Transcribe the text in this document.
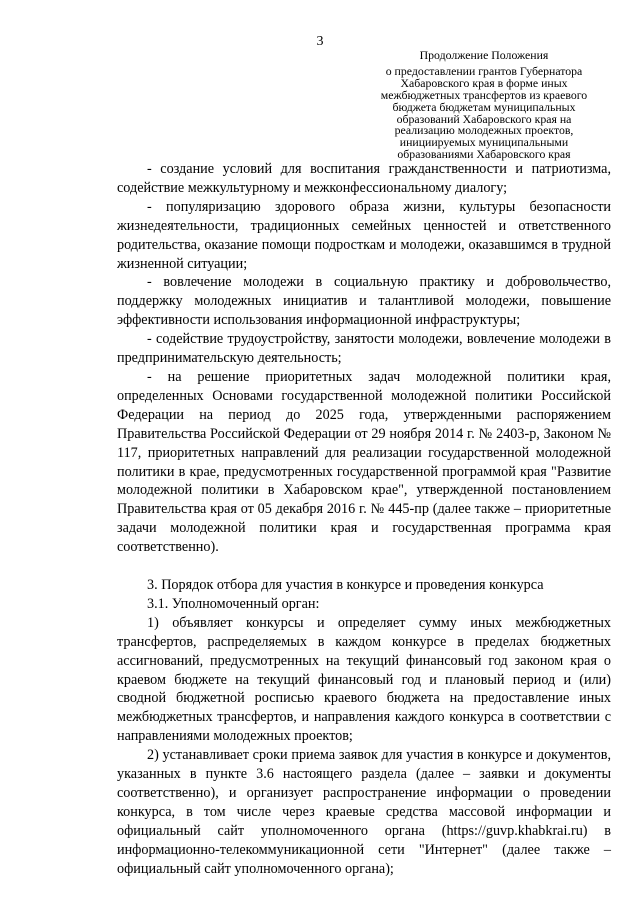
3
Продолжение Положения
о предоставлении грантов Губернатора
Хабаровского края в форме иных
межбюджетных трансфертов из краевого
бюджета бюджетам муниципальных
образований Хабаровского края на
реализацию молодежных проектов,
инициируемых муниципальными
образованиями Хабаровского края

- создание условий для воспитания гражданственности и патриотизма, содействие межкультурному и межконфессиональному диалогу;

- популяризацию здорового образа жизни, культуры безопасности жизнедеятельности, традиционных семейных ценностей и ответственного родительства, оказание помощи подросткам и молодежи, оказавшимся в трудной жизненной ситуации;

- вовлечение молодежи в социальную практику и добровольчество, поддержку молодежных инициатив и талантливой молодежи, повышение эффективности использования информационной инфраструктуры;

- содействие трудоустройству, занятости молодежи, вовлечение молодежи в предпринимательскую деятельность;

- на решение приоритетных задач молодежной политики края, определенных Основами государственной молодежной политики Российской Федерации на период до 2025 года, утвержденными распоряжением Правительства Российской Федерации от 29 ноября 2014 г. № 2403-р, Законом № 117, приоритетных направлений для реализации государственной молодежной политики в крае, предусмотренных государственной программой края "Развитие молодежной политики в Хабаровском крае", утвержденной постановлением Правительства края от 05 декабря 2016 г. № 445-пр (далее также – приоритетные задачи молодежной политики края и государственная программа края соответственно).

3. Порядок отбора для участия в конкурсе и проведения конкурса

3.1. Уполномоченный орган:

1) объявляет конкурсы и определяет сумму иных межбюджетных трансфертов, распределяемых в каждом конкурсе в пределах бюджетных ассигнований, предусмотренных на текущий финансовый год законом края о краевом бюджете на текущий финансовый год и плановый период и (или) сводной бюджетной росписью краевого бюджета на предоставление иных межбюджетных трансфертов, и направления каждого конкурса в соответствии с направлениями молодежных проектов;

2) устанавливает сроки приема заявок для участия в конкурсе и документов, указанных в пункте 3.6 настоящего раздела (далее – заявки и документы соответственно), и организует распространение информации о проведении конкурса, в том числе через краевые средства массовой информации и официальный сайт уполномоченного органа (https://guvp.khabkrai.ru) в информационно-телекоммуникационной сети "Интернет" (далее также – официальный сайт уполномоченного органа);
